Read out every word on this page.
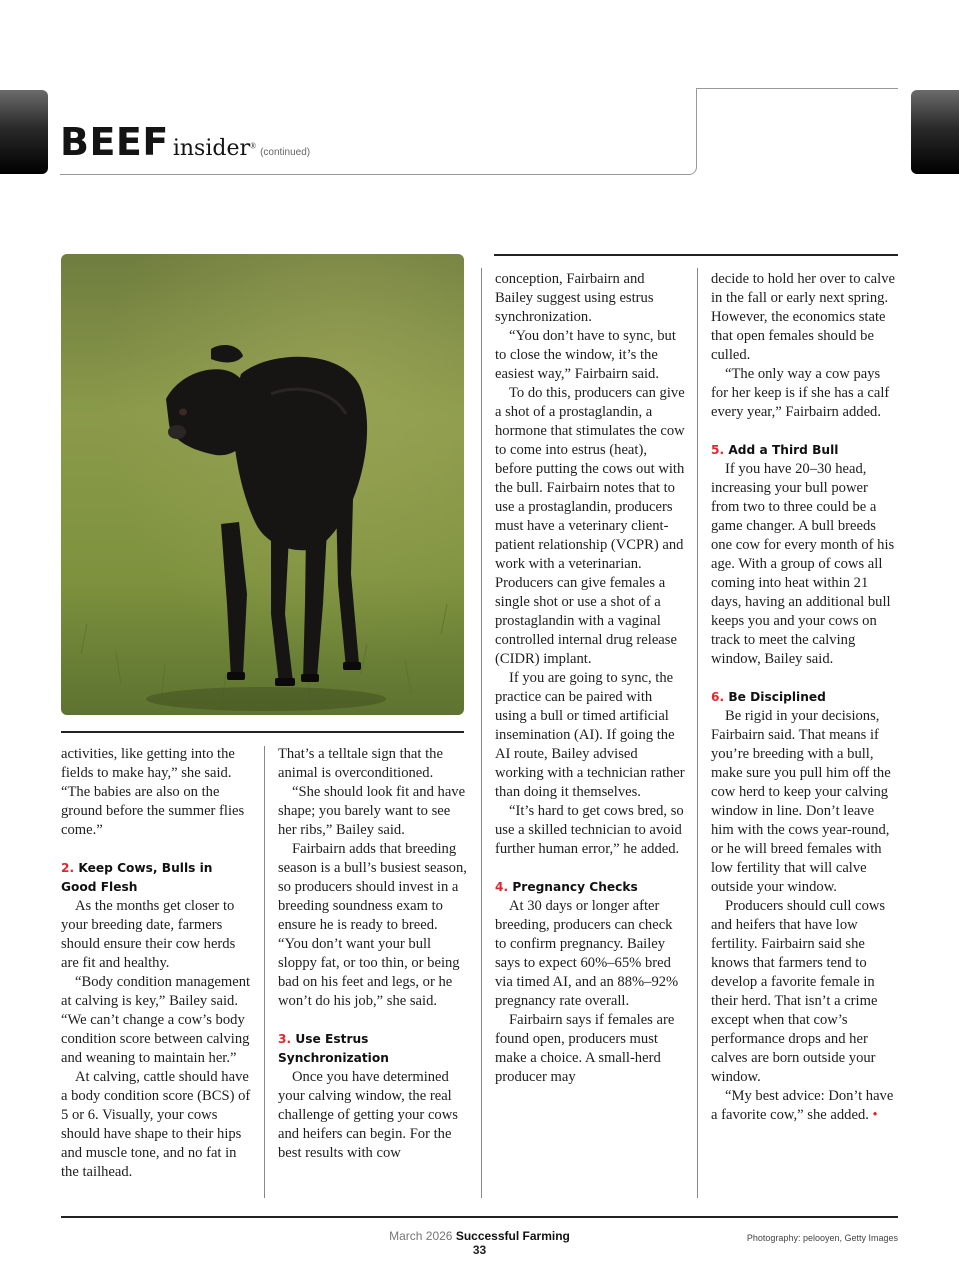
BEEF insider®(continued)

activities, like getting into the fields to make hay,” she said. “The babies are also on the ground before the summer flies come.”

2. Keep Cows, Bulls in Good Flesh

As the months get closer to your breeding date, farmers should ensure their cow herds are fit and healthy.

“Body condition management at calving is key,” Bailey said. “We can’t change a cow’s body condition score between calving and weaning to maintain her.”

At calving, cattle should have a body condition score (BCS) of 5 or 6. Visually, your cows should have shape to their hips and muscle tone, and no fat in the tailhead.

That’s a telltale sign that the animal is overconditioned.

“She should look fit and have shape; you barely want to see her ribs,” Bailey said.

Fairbairn adds that breeding season is a bull’s busiest season, so producers should invest in a breeding soundness exam to ensure he is ready to breed. “You don’t want your bull sloppy fat, or too thin, or being bad on his feet and legs, or he won’t do his job,” she said.

3. Use Estrus Synchronization

Once you have determined your calving window, the real challenge of getting your cows and heifers can begin. For the best results with cow

conception, Fairbairn and Bailey suggest using estrus synchronization.

“You don’t have to sync, but to close the window, it’s the easiest way,” Fairbairn said.

To do this, producers can give a shot of a prostaglandin, a hormone that stimulates the cow to come into estrus (heat), before putting the cows out with the bull. Fairbairn notes that to use a prostaglandin, producers must have a veterinary client-patient relationship (VCPR) and work with a veterinarian. Producers can give females a single shot or use a shot of a prostaglandin with a vaginal controlled internal drug release (CIDR) implant.

If you are going to sync, the practice can be paired with using a bull or timed artificial insemination (AI). If going the AI route, Bailey advised working with a technician rather than doing it themselves.

“It’s hard to get cows bred, so use a skilled technician to avoid further human error,” he added.

4. Pregnancy Checks

At 30 days or longer after breeding, producers can check to confirm pregnancy. Bailey says to expect 60%–65% bred via timed AI, and an 88%–92% pregnancy rate overall.

Fairbairn says if females are found open, producers must make a choice. A small-herd producer may

decide to hold her over to calve in the fall or early next spring. However, the economics state that open females should be culled.

“The only way a cow pays for her keep is if she has a calf every year,” Fairbairn added.

5. Add a Third Bull

If you have 20–30 head, increasing your bull power from two to three could be a game changer. A bull breeds one cow for every month of his age. With a group of cows all coming into heat within 21 days, having an additional bull keeps you and your cows on track to meet the calving window, Bailey said.

6. Be Disciplined

Be rigid in your decisions, Fairbairn said. That means if you’re breeding with a bull, make sure you pull him off the cow herd to keep your calving window in line. Don’t leave him with the cows year-round, or he will breed females with low fertility that will calve outside your window.

Producers should cull cows and heifers that have low fertility. Fairbairn said she knows that farmers tend to develop a favorite female in their herd. That isn’t a crime except when that cow’s performance drops and her calves are born outside your window.

“My best advice: Don’t have a favorite cow,” she added. •

March 2026 Successful Farming
33
Photography: pelooyen, Getty Images
